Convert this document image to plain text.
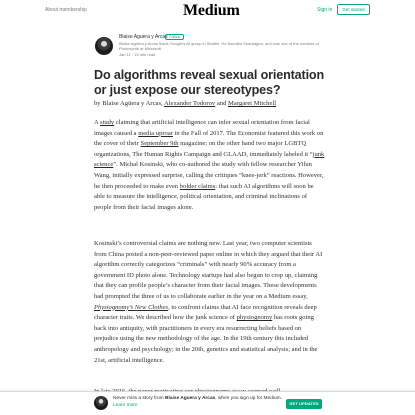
About membership	Medium	Sign in	Get started
Blaise Aguera y Arcas Follow
Blaise Agüera y Arcas leads Google’s AI group in Seattle. He founded Seadragon, and was one of the creators of Photosynth at Microsoft.
Jan 11 · 15 min read
Do algorithms reveal sexual orientation or just expose our stereotypes?
by Blaise Agüera y Arcas, Alexander Todorov and Margaret Mitchell

A study claiming that artificial intelligence can infer sexual orientation from facial images caused a media uproar in the Fall of 2017. The Economist featured this work on the cover of their September 9th magazine; on the other hand two major LGBTQ organizations, The Human Rights Campaign and GLAAD, immediately labeled it “junk science”. Michal Kosinski, who co-authored the study with fellow researcher Yilun Wang, initially expressed surprise, calling the critiques “knee-jerk” reactions. However, he then proceeded to make even bolder claims: that such AI algorithms will soon be able to measure the intelligence, political orientation, and criminal inclinations of people from their facial images alone.

Kosinski’s controversial claims are nothing new. Last year, two computer scientists from China posted a non-peer-reviewed paper online in which they argued that their AI algorithm correctly categorizes “criminals” with nearly 90% accuracy from a government ID photo alone. Technology startups had also begun to crop up, claiming that they can profile people’s character from their facial images. These developments had prompted the three of us to collaborate earlier in the year on a Medium essay, Physiognomy’s New Clothes, to confront claims that AI face recognition reveals deep character traits. We described how the junk science of physiognomy has roots going back into antiquity, with practitioners in every era resurrecting beliefs based on prejudice using the new methodology of the age. In the 19th century this included anthropology and psychology; in the 20th, genetics and statistical analysis; and in the 21st, artificial intelligence.

Never miss a story from Blaise Aguera y Arcas, when you sign up for Medium. Learn more	GET UPDATES
